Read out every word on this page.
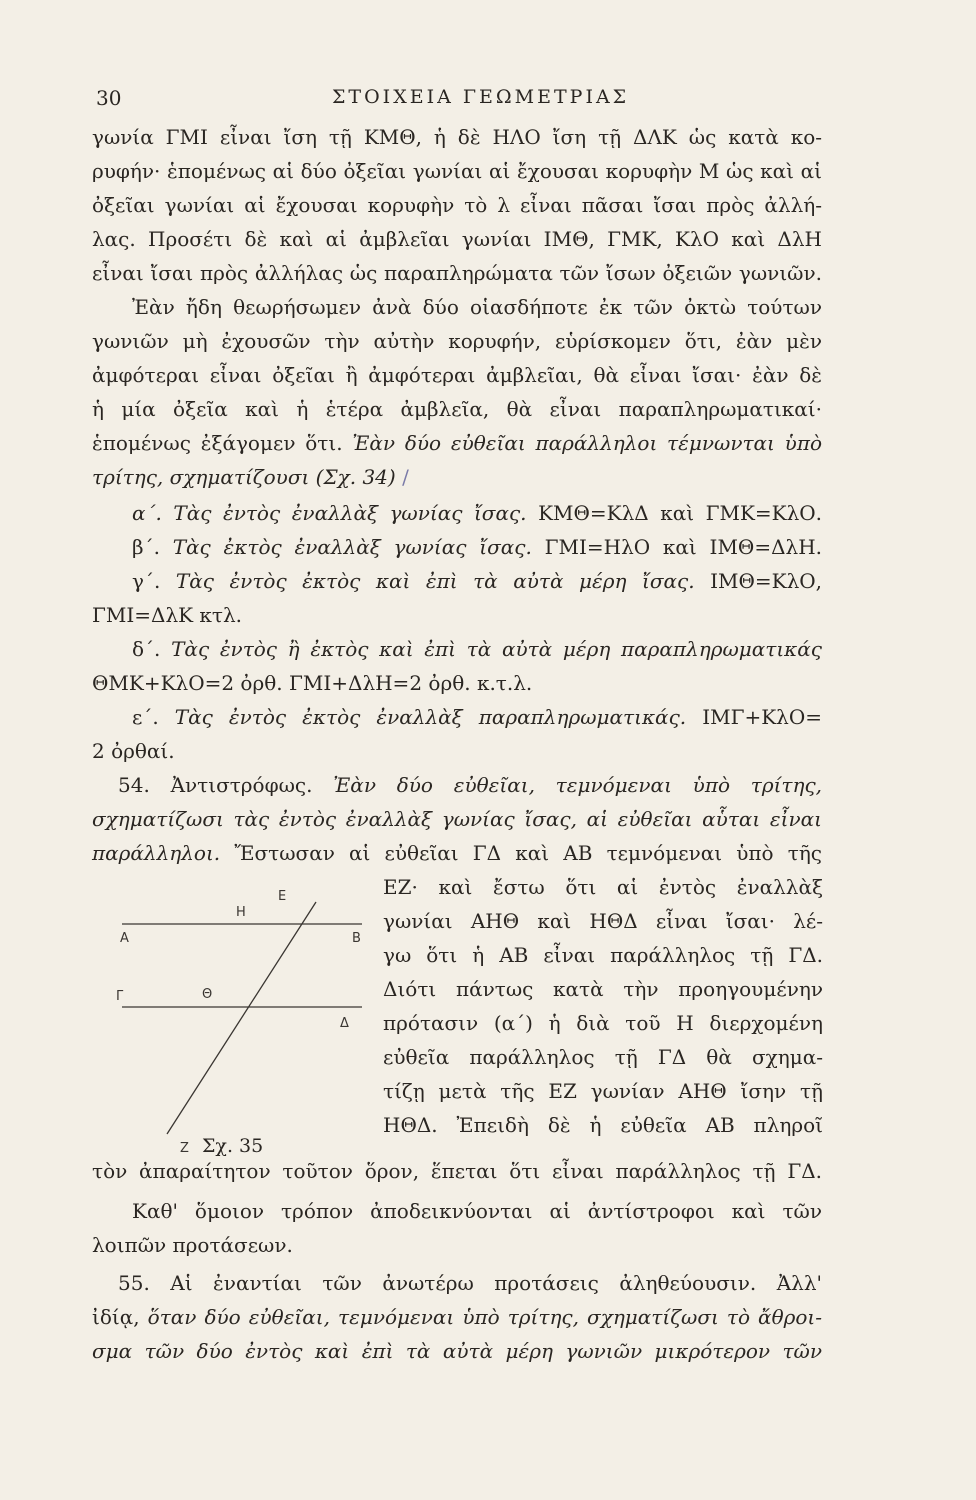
30	ΣΤΟΙΧΕΙΑ ΓΕΩΜΕΤΡΙΑΣ
γωνία ΓΜΙ εἶναι ἴση τῇ ΚΜΘ, ἡ δὲ ΗΛΟ ἴση τῇ ΔΛΚ ὡς κατὰ κο-
ρυφήν· ἑπομένως αἱ δύο ὀξεῖαι γωνίαι αἱ ἔχουσαι κορυφὴν Μ ὡς καὶ αἱ
ὀξεῖαι γωνίαι αἱ ἔχουσαι κορυφὴν τὸ λ εἶναι πᾶσαι ἴσαι πρὸς ἀλλή-
λας. Προσέτι δὲ καὶ αἱ ἀμβλεῖαι γωνίαι ΙΜΘ, ΓΜΚ, ΚλΟ καὶ ΔλΗ
εἶναι ἴσαι πρὸς ἀλλήλας ὡς παραπληρώματα τῶν ἴσων ὀξειῶν γωνιῶν.
Ἐὰν ἤδη θεωρήσωμεν ἀνὰ δύο οἱασδήποτε ἐκ τῶν ὀκτὼ τούτων
γωνιῶν μὴ ἐχουσῶν τὴν αὐτὴν κορυφήν, εὑρίσκομεν ὅτι, ἐὰν μὲν
ἀμφότεραι εἶναι ὀξεῖαι ἢ ἀμφότεραι ἀμβλεῖαι, θὰ εἶναι ἴσαι· ἐὰν δὲ
ἡ μία ὀξεῖα καὶ ἡ ἑτέρα ἀμβλεῖα, θὰ εἶναι παραπληρωματικαί·
ἑπομένως ἐξάγομεν ὅτι. Ἐὰν δύο εὐθεῖαι παράλληλοι τέμνωνται ὑπὸ
τρίτης, σχηματίζουσι (Σχ. 34) /
α΄. Τὰς ἐντὸς ἐναλλὰξ γωνίας ἴσας. ΚΜΘ=ΚλΔ καὶ ΓΜΚ=ΚλΟ.
β΄. Τὰς ἐκτὸς ἐναλλὰξ γωνίας ἴσας. ΓΜΙ=ΗλΟ καὶ ΙΜΘ=ΔλΗ.
γ΄. Τὰς ἐντὸς ἐκτὸς καὶ ἐπὶ τὰ αὐτὰ μέρη ἴσας. ΙΜΘ=ΚλΟ,
ΓΜΙ=ΔλΚ κτλ.
δ΄. Τὰς ἐντὸς ἢ ἐκτὸς καὶ ἐπὶ τὰ αὐτὰ μέρη παραπληρωματικάς
ΘΜΚ+ΚλΟ=2 ὀρθ. ΓΜΙ+ΔλΗ=2 ὀρθ. κ.τ.λ.
ε΄. Τὰς ἐντὸς ἐκτὸς ἐναλλὰξ παραπληρωματικάς. ΙΜΓ+ΚλΟ=
2 ὀρθαί.
54. Ἀντιστρόφως. Ἐὰν δύο εὐθεῖαι, τεμνόμεναι ὑπὸ τρίτης,
σχηματίζωσι τὰς ἐντὸς ἐναλλὰξ γωνίας ἴσας, αἱ εὐθεῖαι αὗται εἶναι
παράλληλοι. Ἔστωσαν αἱ εὐθεῖαι ΓΔ καὶ ΑΒ τεμνόμεναι ὑπὸ τῆς
ΕΖ· καὶ ἔστω ὅτι αἱ ἐντὸς ἐναλλὰξ
γωνίαι ΑΗΘ καὶ ΗΘΔ εἶναι ἴσαι· λέ-
γω ὅτι ἡ ΑΒ εἶναι παράλληλος τῇ ΓΔ.
Διότι πάντως κατὰ τὴν προηγουμένην
πρότασιν (α΄) ἡ διὰ τοῦ Η διερχομένη
εὐθεῖα παράλληλος τῇ ΓΔ θὰ σχημα-
τίζῃ μετὰ τῆς ΕΖ γωνίαν ΑΗΘ ἴσην τῇ
ΗΘΔ. Ἐπειδὴ δὲ ἡ εὐθεῖα ΑΒ πληροῖ
Ε
Η
Α	Β
Θ
Γ
Δ
Ζ Σχ. 35
τὸν ἀπαραίτητον τοῦτον ὅρον, ἕπεται ὅτι εἶναι παράλληλος τῇ ΓΔ.
Καθ' ὅμοιον τρόπον ἀποδεικνύονται αἱ ἀντίστροφοι καὶ τῶν
λοιπῶν προτάσεων.
55. Αἱ ἐναντίαι τῶν ἀνωτέρω προτάσεις ἀληθεύουσιν. Ἀλλ'
ἰδίᾳ, ὅταν δύο εὐθεῖαι, τεμνόμεναι ὑπὸ τρίτης, σχηματίζωσι τὸ ἄθροι-
σμα τῶν δύο ἐντὸς καὶ ἐπὶ τὰ αὐτὰ μέρη γωνιῶν μικρότερον τῶν
